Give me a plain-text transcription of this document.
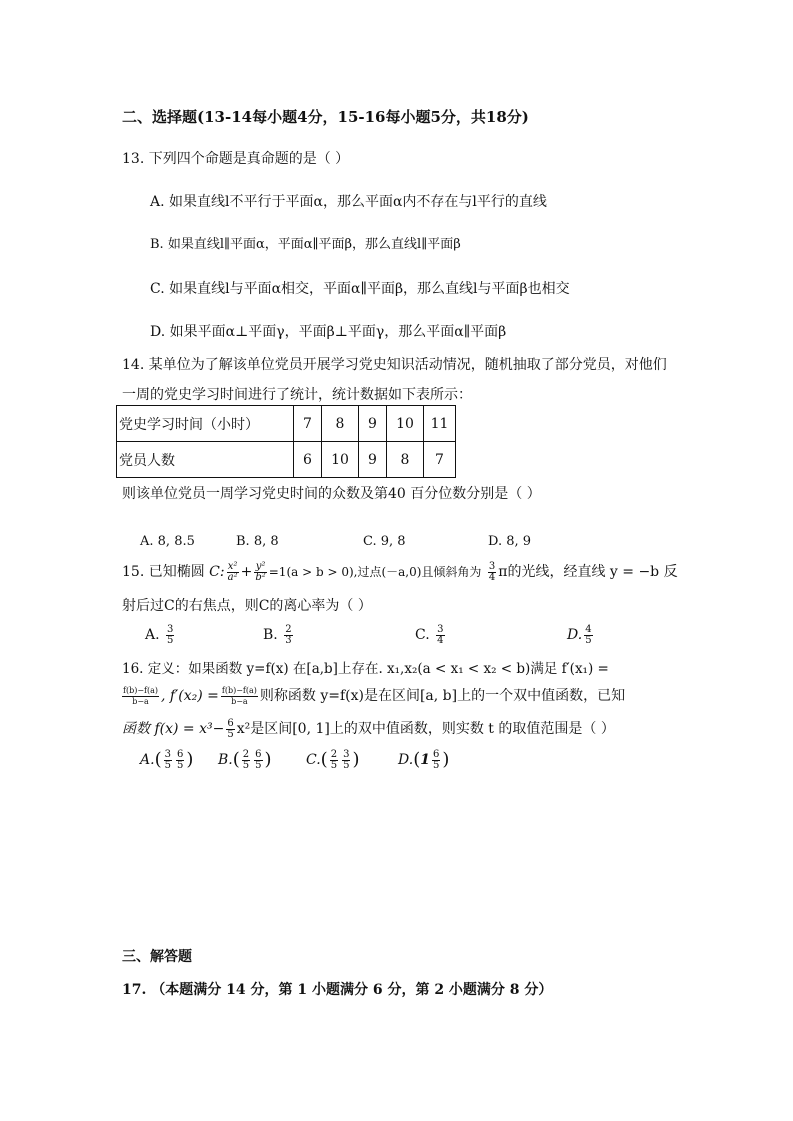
二、选择题(13-14每小题4分，15-16每小题5分，共18分)
13. 下列四个命题是真命题的是（ ）
A. 如果直线l不平行于平面α，那么平面α内不存在与l平行的直线
B. 如果直线l∥平面α，平面α∥平面β，那么直线l∥平面β
C. 如果直线l与平面α相交，平面α∥平面β，那么直线l与平面β也相交
D. 如果平面α⊥平面γ，平面β⊥平面γ，那么平面α∥平面β
14. 某单位为了解该单位党员开展学习党史知识活动情况，随机抽取了部分党员，对他们
一周的党史学习时间进行了统计，统计数据如下表所示：
党史学习时间（小时）	7	8	9	10	11
党员人数	6	10	9	8	7
则该单位党员一周学习党史时间的众数及第40 百分位数分别是（ ）
A. 8, 8.5	B. 8, 8	C. 9, 8	D. 8, 9
15. 已知椭圆 C: $\frac{\text{x²}}{\text{a²}} + \frac{\text{y²}}{\text{b²}} =1(a > b > 0)$,过点(－a,0)且倾斜角为 $\frac{3}{4}$ π的光线，经直线 y = −b 反
射后过C的右焦点，则C的离心率为（ ）
A. $\frac{3}{5}$	B. $\frac{2}{3}$	C. $\frac{3}{4}$	D. $\frac{4}{5}$
16. 定义：如果函数 y=f(x) 在[a,b]上存在. x₁,x₂(a < x₁ < x₂ < b)满足 f′(x₁) =
$\frac{f(b)-f(a)}{b-a}$ , $f'(x_2) = \frac{f(b)-f(a)}{b-a}$ 则称函数 y=f(x)是在区间[a, b]上的一个双中值函数，已知
函数 $f(x) = x^3- \frac{6}{5} x^2$是区间[0, 1]上的双中值函数，则实数 t 的取值范围是（ ）
$A.( \frac{3}{5} \frac{6}{5}$ ) $B.( \frac{2}{5} \frac{6}{5}$ ) $C.( \frac{2}{5} \frac{3}{5}$ )	$D.(1 \frac{6}{5}$ )
三、解答题
17. （本题满分 14 分，第 1 小题满分 6 分，第 2 小题满分 8 分）
